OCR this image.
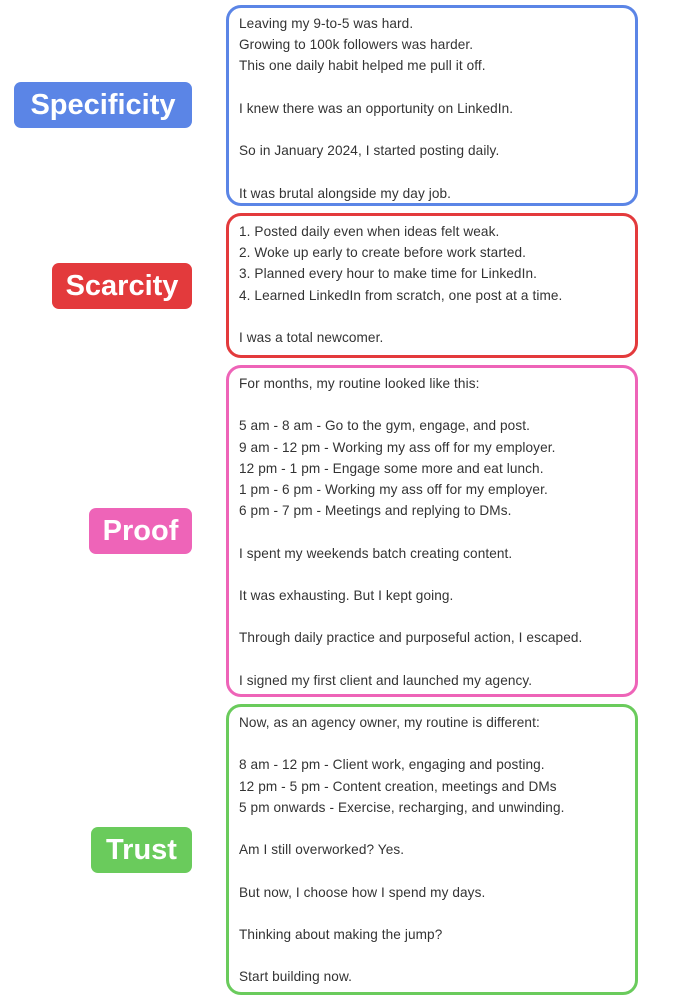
Specificity
Leaving my 9-to-5 was hard.
Growing to 100k followers was harder.
This one daily habit helped me pull it off.
I knew there was an opportunity on LinkedIn.
So in January 2024, I started posting daily.
It was brutal alongside my day job.
Scarcity
1. Posted daily even when ideas felt weak.
2. Woke up early to create before work started.
3. Planned every hour to make time for LinkedIn.
4. Learned LinkedIn from scratch, one post at a time.
I was a total newcomer.
Proof
For months, my routine looked like this:
5 am - 8 am - Go to the gym, engage, and post.
9 am - 12 pm - Working my ass off for my employer.
12 pm - 1 pm - Engage some more and eat lunch.
1 pm - 6 pm - Working my ass off for my employer.
6 pm - 7 pm - Meetings and replying to DMs.
I spent my weekends batch creating content.
It was exhausting. But I kept going.
Through daily practice and purposeful action, I escaped.
I signed my first client and launched my agency.
Trust
Now, as an agency owner, my routine is different:
8 am - 12 pm - Client work, engaging and posting.
12 pm - 5 pm - Content creation, meetings and DMs
5 pm onwards - Exercise, recharging, and unwinding.
Am I still overworked? Yes.
But now, I choose how I spend my days.
Thinking about making the jump?
Start building now.
